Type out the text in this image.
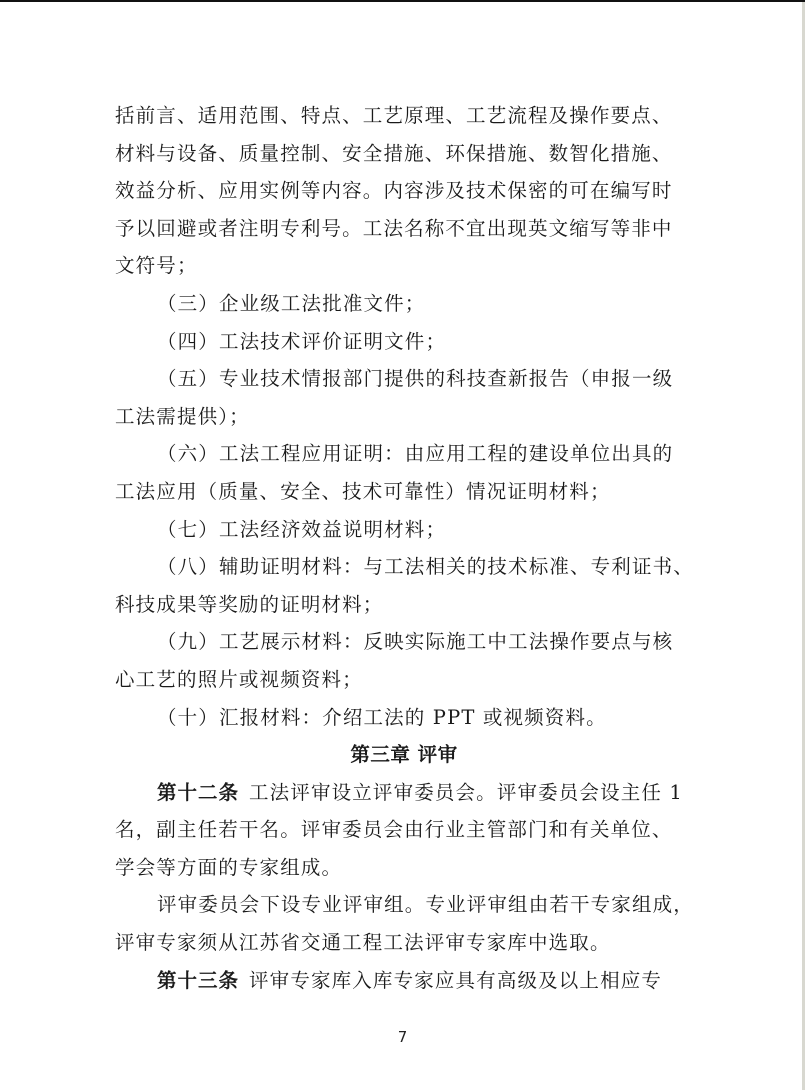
括前言、适用范围、特点、工艺原理、工艺流程及操作要点、
材料与设备、质量控制、安全措施、环保措施、数智化措施、
效益分析、应用实例等内容。内容涉及技术保密的可在编写时
予以回避或者注明专利号。工法名称不宜出现英文缩写等非中
文符号；
（三）企业级工法批准文件；
（四）工法技术评价证明文件；
（五）专业技术情报部门提供的科技查新报告（申报一级
工法需提供）；
（六）工法工程应用证明：由应用工程的建设单位出具的
工法应用（质量、安全、技术可靠性）情况证明材料；
（七）工法经济效益说明材料；
（八）辅助证明材料：与工法相关的技术标准、专利证书、
科技成果等奖励的证明材料；
（九）工艺展示材料：反映实际施工中工法操作要点与核
心工艺的照片或视频资料；
（十）汇报材料：介绍工法的 PPT 或视频资料。
第三章 评审
第十二条 工法评审设立评审委员会。评审委员会设主任 1
名，副主任若干名。评审委员会由行业主管部门和有关单位、
学会等方面的专家组成。
评审委员会下设专业评审组。专业评审组由若干专家组成，
评审专家须从江苏省交通工程工法评审专家库中选取。
第十三条 评审专家库入库专家应具有高级及以上相应专
7
